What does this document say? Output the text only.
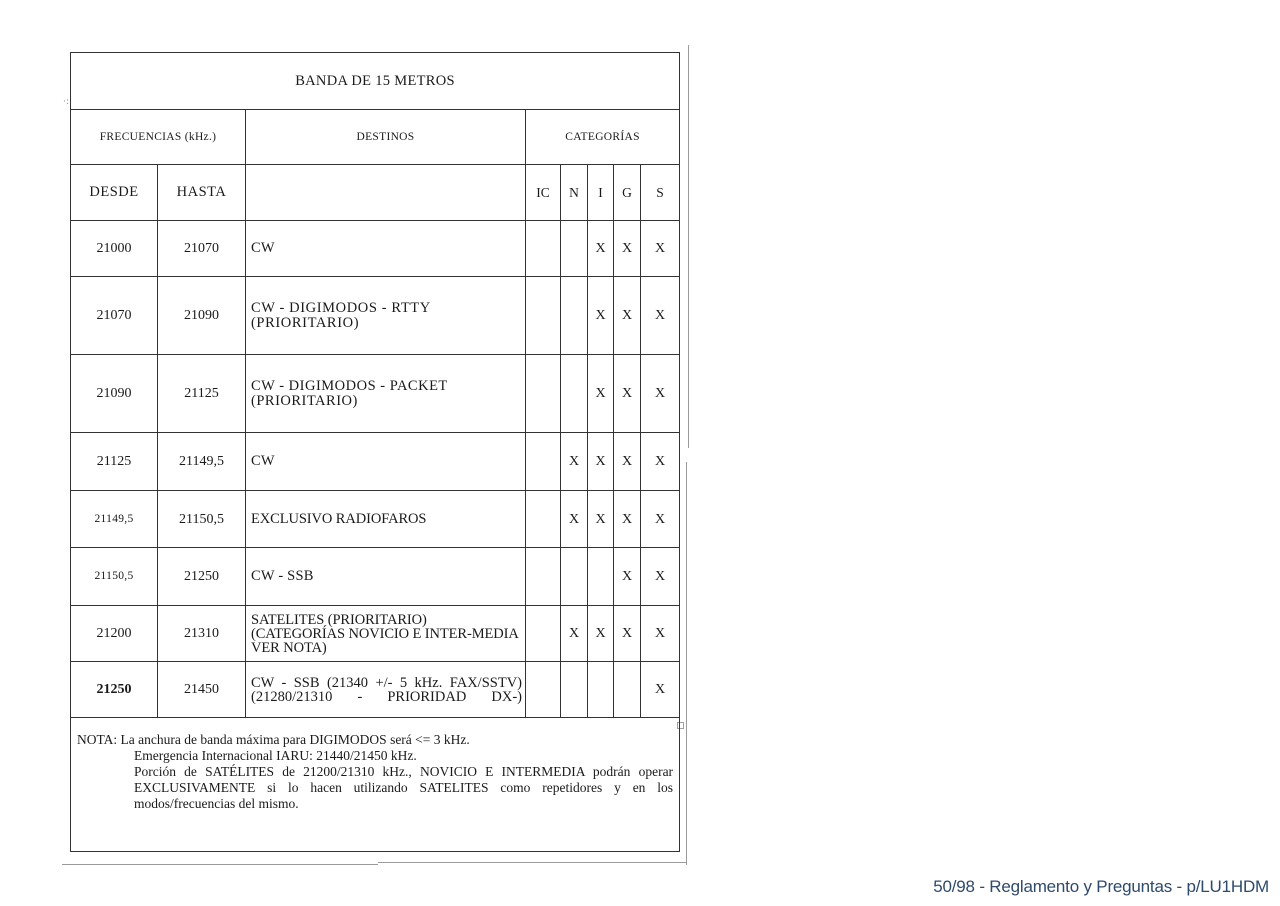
·:
BANDA DE 15 METROS							
FRECUENCIAS (kHz.)		DESTINOS	CATEGORÍAS				
DESDE	HASTA		IC	N	I	G	S
21000	21070	CW			X	X	X
21070	21090	CW - DIGIMODOS - RTTY (PRIORITARIO)			X	X	X
21090	21125	CW - DIGIMODOS - PACKET (PRIORITARIO)			X	X	X
21125	21149,5	CW		X	X	X	X
21149,5	21150,5	EXCLUSIVO RADIOFAROS		X	X	X	X
21150,5	21250	CW - SSB				X	X
21200	21310	SATELITES (PRIORITARIO) (CATEGORÍAS NOVICIO E INTER-MEDIA VER NOTA)		X	X	X	X
21250	21450	CW - SSB (21340 +/- 5 kHz. FAX/SSTV) (21280/21310 - PRIORIDAD DX-)					X

NOTA: La anchura de banda máxima para DIGIMODOS será <= 3 kHz.
Emergencia Internacional IARU: 21440/21450 kHz.
Porción de SATÉLITES de 21200/21310 kHz., NOVICIO E INTERMEDIA podrán operar EXCLUSIVAMENTE si lo hacen utilizando SATELITES como repetidores y en los modos/frecuencias del mismo.							
50/98 - Reglamento y Preguntas - p/LU1HDM
